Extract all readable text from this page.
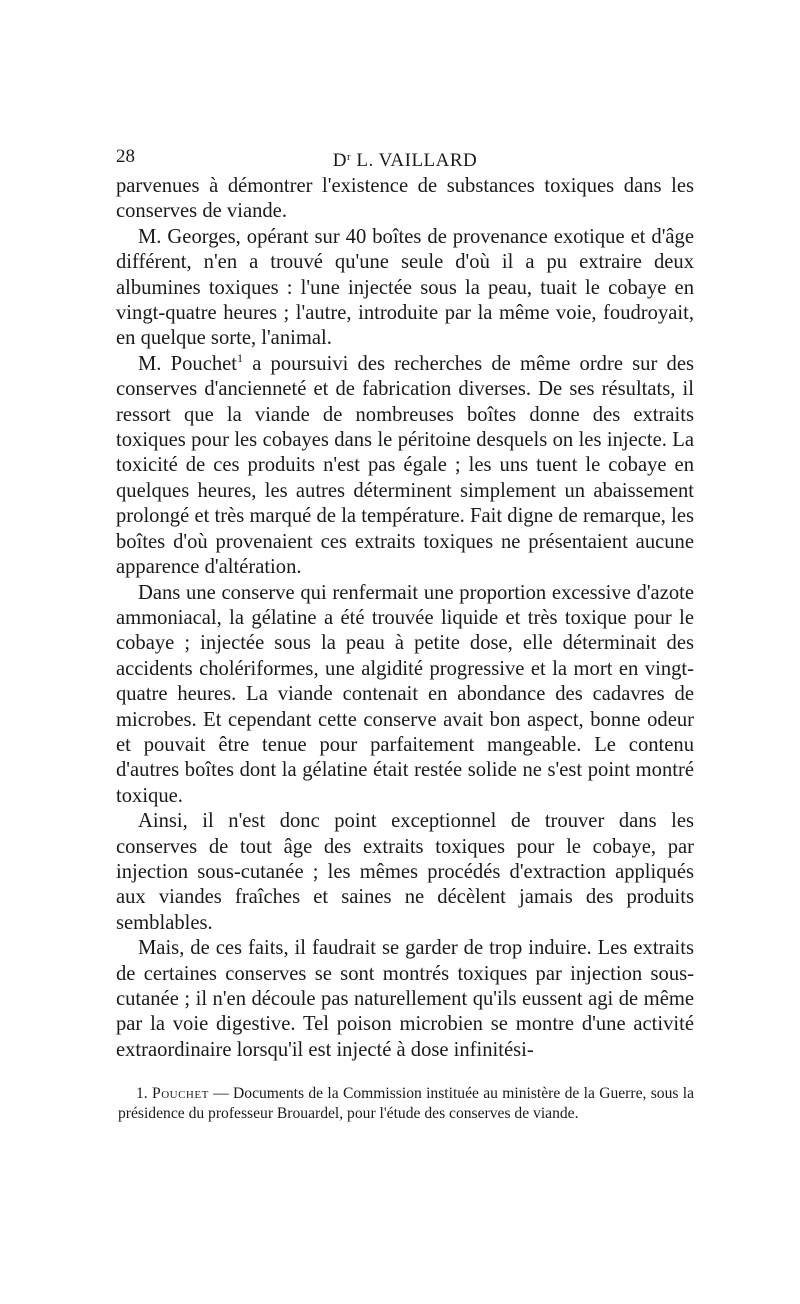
28	$D^r$ L. VAILLARD

parvenues à démontrer l'existence de substances toxiques dans les conserves de viande.

M. Georges, opérant sur 40 boîtes de provenance exotique et d'âge différent, n'en a trouvé qu'une seule d'où il a pu extraire deux albumines toxiques : l'une injectée sous la peau, tuait le cobaye en vingt-quatre heures ; l'autre, introduite par la même voie, foudroyait, en quelque sorte, l'animal.

M. Pouchet$^1$ a poursuivi des recherches de même ordre sur des conserves d'ancienneté et de fabrication diverses. De ses résultats, il ressort que la viande de nombreuses boîtes donne des extraits toxiques pour les cobayes dans le péritoine desquels on les injecte. La toxicité de ces produits n'est pas égale ; les uns tuent le cobaye en quelques heures, les autres déterminent simplement un abaissement prolongé et très marqué de la température. Fait digne de remarque, les boîtes d'où provenaient ces extraits toxiques ne présentaient aucune apparence d'altération.

Dans une conserve qui renfermait une proportion excessive d'azote ammoniacal, la gélatine a été trouvée liquide et très toxique pour le cobaye ; injectée sous la peau à petite dose, elle déterminait des accidents cholériformes, une algidité progressive et la mort en vingt-quatre heures. La viande contenait en abondance des cadavres de microbes. Et cependant cette conserve avait bon aspect, bonne odeur et pouvait être tenue pour parfaitement mangeable. Le contenu d'autres boîtes dont la gélatine était restée solide ne s'est point montré toxique.

Ainsi, il n'est donc point exceptionnel de trouver dans les conserves de tout âge des extraits toxiques pour le cobaye, par injection sous-cutanée ; les mêmes procédés d'extraction appliqués aux viandes fraîches et saines ne décèlent jamais des produits semblables.

Mais, de ces faits, il faudrait se garder de trop induire. Les extraits de certaines conserves se sont montrés toxiques par injection sous-cutanée ; il n'en découle pas naturellement qu'ils eussent agi de même par la voie digestive. Tel poison microbien se montre d'une activité extraordinaire lorsqu'il est injecté à dose infinitési-

1. Pouchet — Documents de la Commission instituée au ministère de la Guerre, sous la présidence du professeur Brouardel, pour l'étude des conserves de viande.
